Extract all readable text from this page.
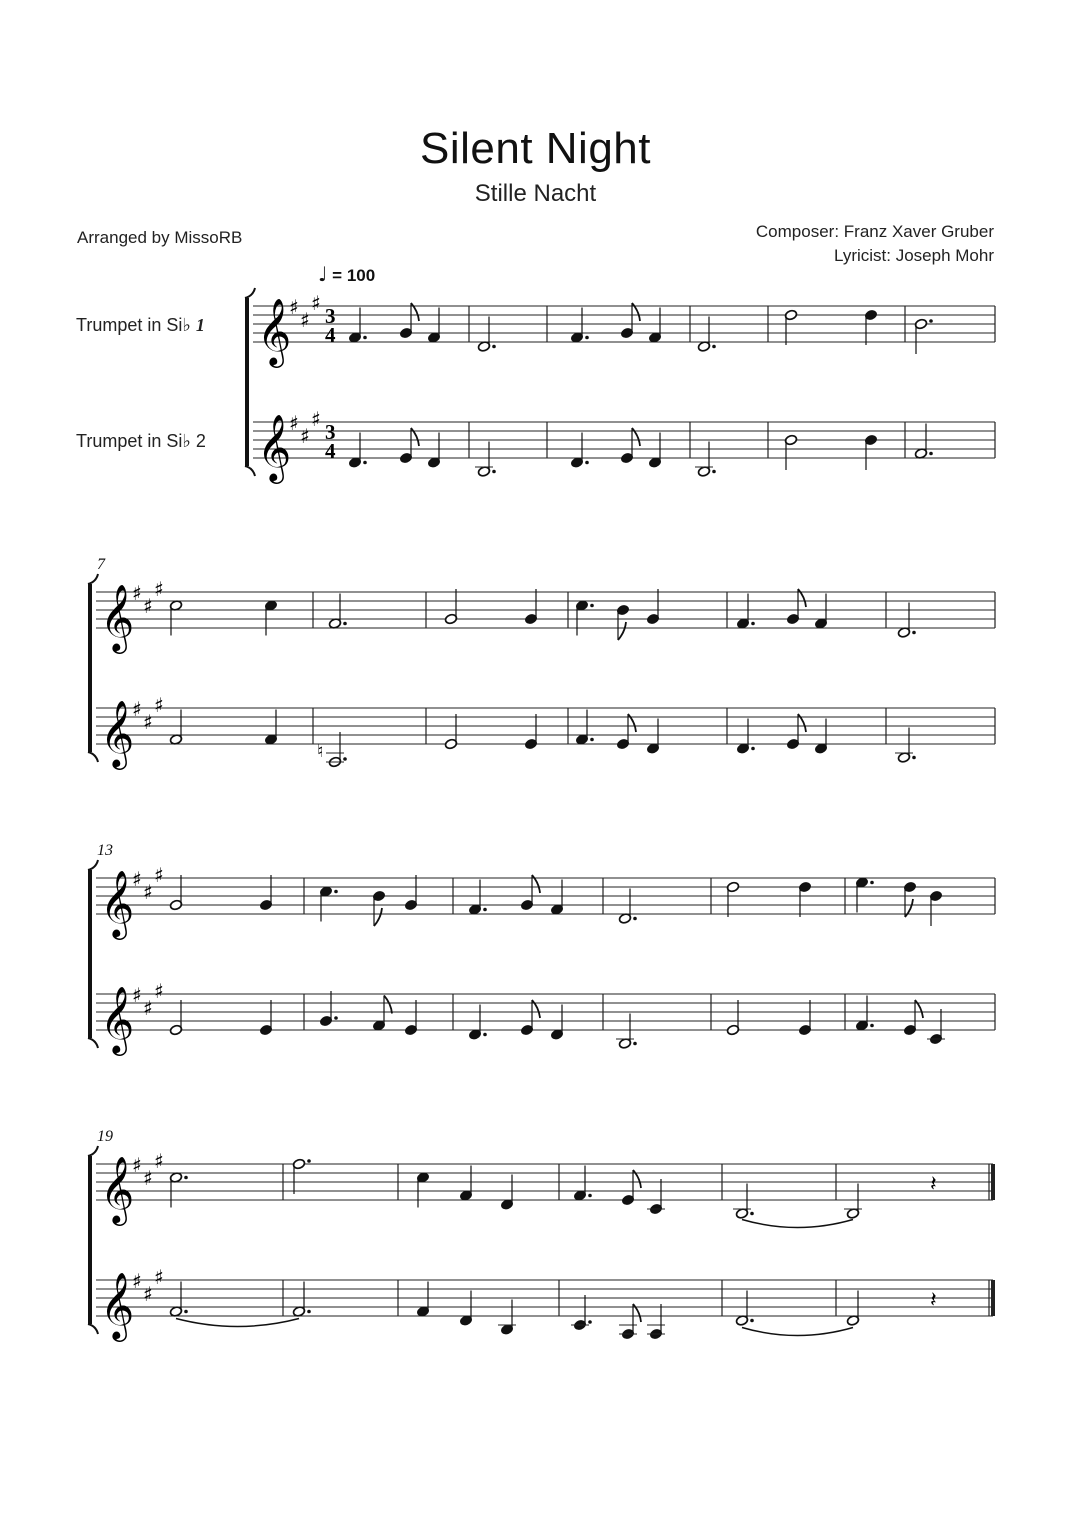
Silent Night
Stille Nacht
Arranged by MissoRB	Composer: Franz Xaver Gruber
Lyricist: Joseph Mohr
♩ = 100
Trumpet in Si♭ 1
Trumpet in Si♭ 2
7
13
19
𝄞
♯
♯
♯
3
4
𝄞
♯
♯
♯
3
4
𝄞
♯
♯
♯
𝄞
♯
♯
♯
𝄞
♯
♯
♯
𝄞
♯
♯
♯
𝄞
♯
♯
♯
𝄞
♯
♯
♯
♮
𝄽
𝄽
